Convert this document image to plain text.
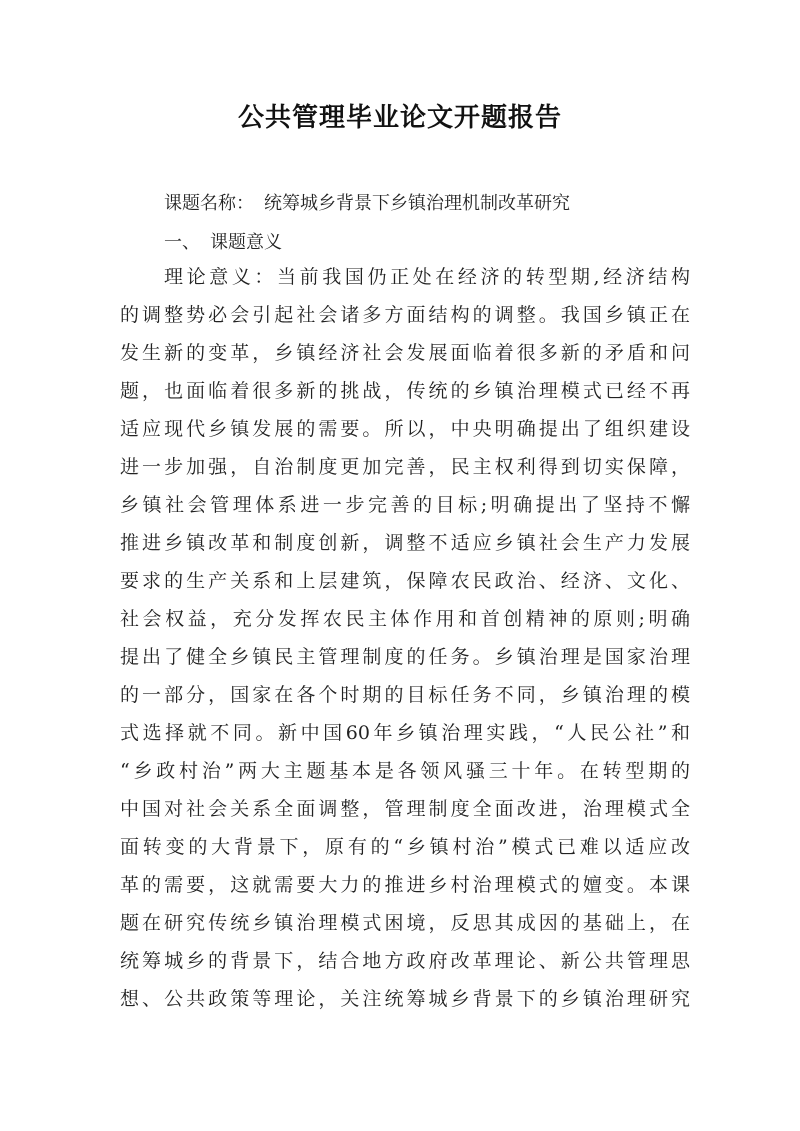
公共管理毕业论文开题报告
课题名称： 统筹城乡背景下乡镇治理机制改革研究
一、 课题意义
理论意义：当前我国仍正处在经济的转型期,经济结构
的调整势必会引起社会诸多方面结构的调整。我国乡镇正在
发生新的变革，乡镇经济社会发展面临着很多新的矛盾和问
题，也面临着很多新的挑战，传统的乡镇治理模式已经不再
适应现代乡镇发展的需要。所以，中央明确提出了组织建设
进一步加强，自治制度更加完善，民主权利得到切实保障，
乡镇社会管理体系进一步完善的目标;明确提出了坚持不懈
推进乡镇改革和制度创新，调整不适应乡镇社会生产力发展
要求的生产关系和上层建筑，保障农民政治、经济、文化、
社会权益，充分发挥农民主体作用和首创精神的原则;明确
提出了健全乡镇民主管理制度的任务。乡镇治理是国家治理
的一部分，国家在各个时期的目标任务不同，乡镇治理的模
式选择就不同。新中国60年乡镇治理实践，“人民公社”和
“乡政村治”两大主题基本是各领风骚三十年。在转型期的
中国对社会关系全面调整，管理制度全面改进，治理模式全
面转变的大背景下，原有的“乡镇村治”模式已难以适应改
革的需要，这就需要大力的推进乡村治理模式的嬗变。本课
题在研究传统乡镇治理模式困境，反思其成因的基础上，在
统筹城乡的背景下，结合地方政府改革理论、新公共管理思
想、公共政策等理论，关注统筹城乡背景下的乡镇治理研究
